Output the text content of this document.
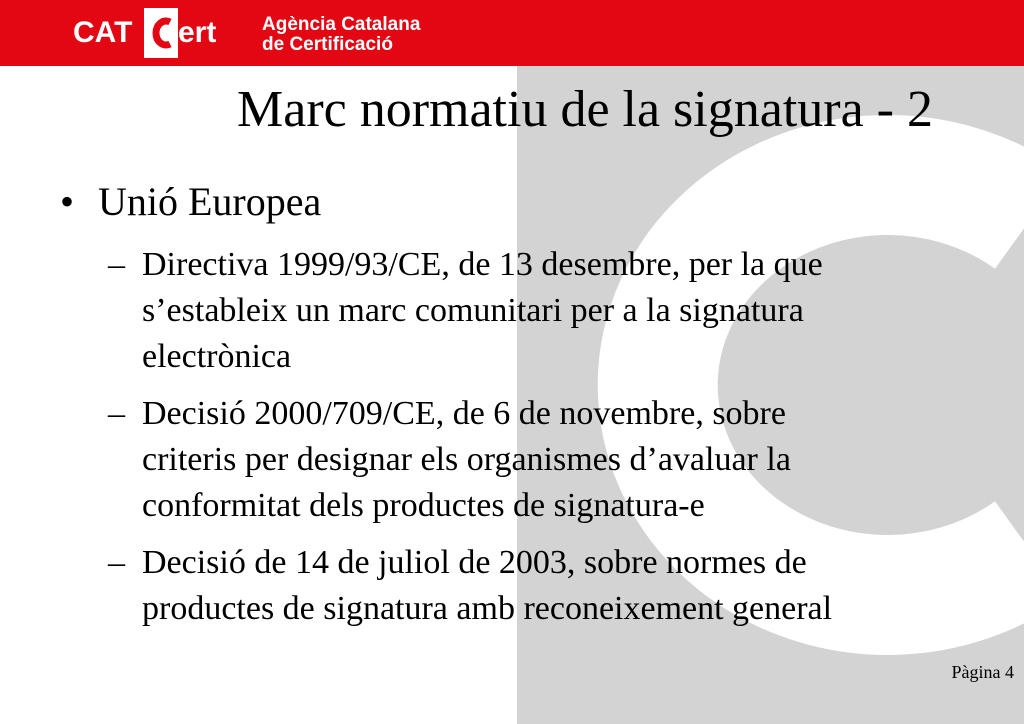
CAT ert Agència Catalana
de Certificació
Marc normatiu de la signatura - 2
• Unió Europea
– Directiva 1999/93/CE, de 13 desembre, per la que
s’estableix un marc comunitari per a la signatura
electrònica
– Decisió 2000/709/CE, de 6 de novembre, sobre
criteris per designar els organismes d’avaluar la
conformitat dels productes de signatura-e
– Decisió de 14 de juliol de 2003, sobre normes de
productes de signatura amb reconeixement general
Pàgina 4
